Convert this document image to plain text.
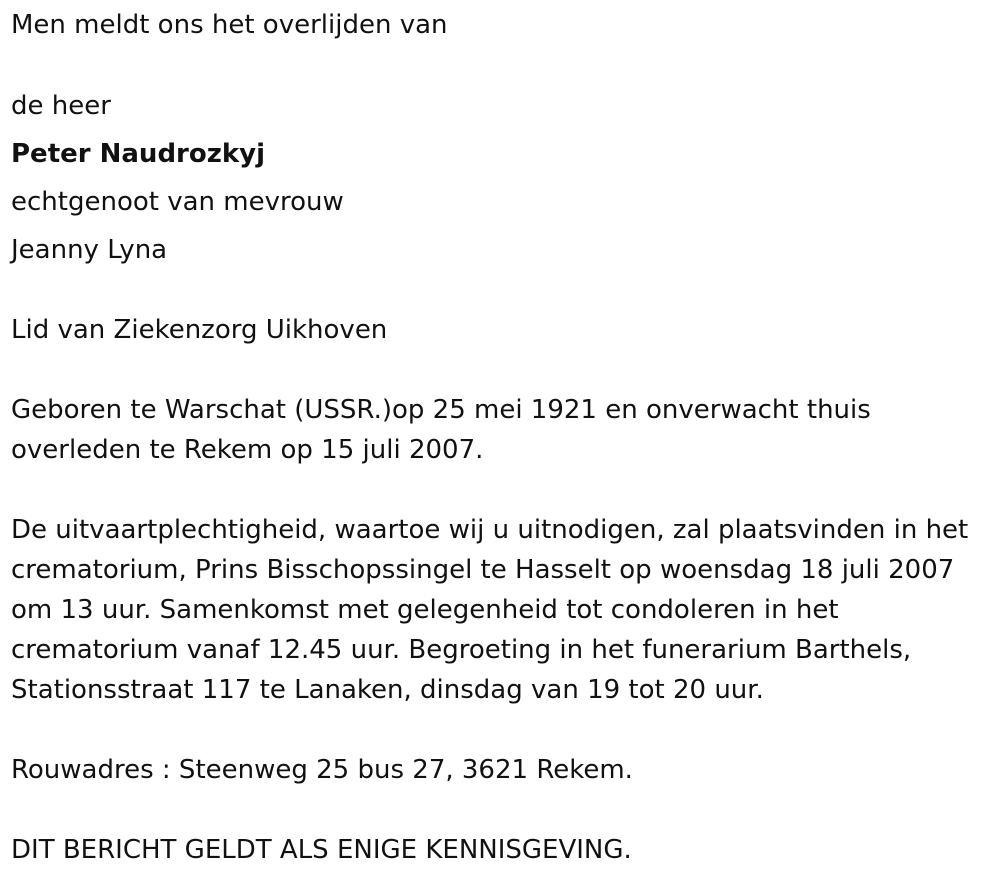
Men meldt ons het overlijden van
de heer
Peter Naudrozkyj
echtgenoot van mevrouw
Jeanny Lyna
Lid van Ziekenzorg Uikhoven
Geboren te Warschat (USSR.)op 25 mei 1921 en onverwacht thuis
overleden te Rekem op 15 juli 2007.
De uitvaartplechtigheid, waartoe wij u uitnodigen, zal plaatsvinden in het
crematorium, Prins Bisschopssingel te Hasselt op woensdag 18 juli 2007
om 13 uur. Samenkomst met gelegenheid tot condoleren in het
crematorium vanaf 12.45 uur. Begroeting in het funerarium Barthels,
Stationsstraat 117 te Lanaken, dinsdag van 19 tot 20 uur.
Rouwadres : Steenweg 25 bus 27, 3621 Rekem.
DIT BERICHT GELDT ALS ENIGE KENNISGEVING.
